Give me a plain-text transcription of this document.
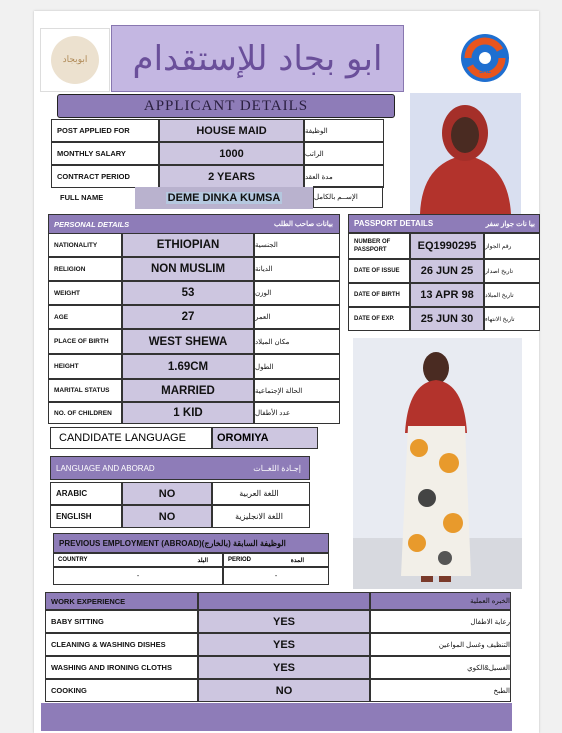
ابوبجاد ابو بجاد للإستقدام	SAZ
APPLICANT DETAILS
POST APPLIED FOR	HOUSE MAID	الوظيفة
MONTHLY SALARY	1000	الراتب
CONTRACT PERIOD	2 YEARS	مدة العقد
FULL NAME	DEME DINKA KUMSA	الإســم بالكامل
PERSONAL DETAILS	بيانات صاحب الطلب
NATIONALITY	ETHIOPIAN	الجنسية
RELIGION	NON MUSLIM	الديانة
WEIGHT	53	الوزن
AGE	27	العمر
PLACE OF BIRTH	WEST SHEWA	مكان الميلاد
HEIGHT	1.69CM	الطول
MARITAL STATUS	MARRIED	الحالة الإجتماعية
NO. OF CHILDREN	1 KID	عدد الأطفال
PASSPORT DETAILS	بيا نات جواز سفر
NUMBER OF PASSPORT	EQ1990295	رقم الجواز
DATE OF ISSUE	26 JUN 25	تاريخ اصدار
DATE OF BIRTH	13 APR 98	تاريخ الميلاد
DATE OF EXP.	25 JUN 30	تاريخ الانتهاء
CANDIDATE LANGUAGE	OROMIYA
LANGUAGE AND ABORAD	إجـادة اللغــات
ARABIC	NO	اللغة العربية
ENGLISH	NO	اللغة الانجليزية
PREVIOUS EMPLOYMENT (ABROAD)(الوظيفة السابقة (بالخارج
COUNTRY	البلد	PERIOD	المدة
-	-
WORK EXPERIENCE	الخبره العملية
BABY SITTING	YES	رعاية الاطفال
CLEANING & WASHING DISHES	YES	التنظيف وغسل المواعين
WASHING AND IRONING CLOTHS	YES	الغسيل&الكوي
COOKING	NO	الطبخ
